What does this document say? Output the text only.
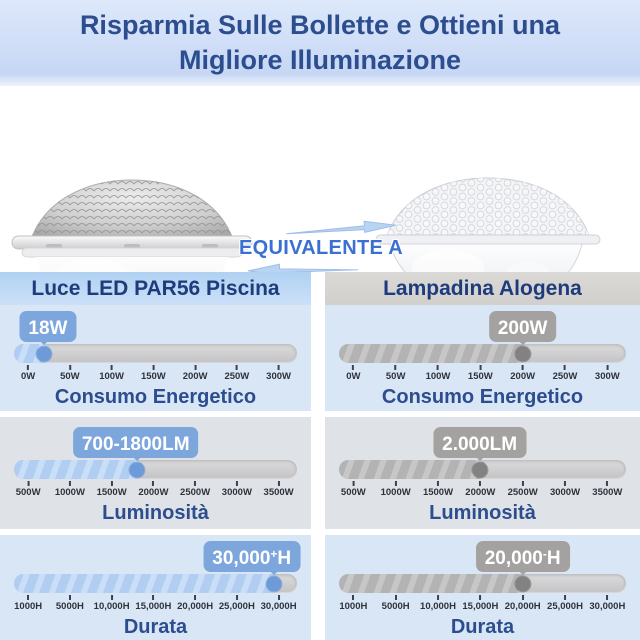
Risparmia Sulle Bollette e Ottieni una Migliore Illuminazione
EQUIVALENTE A
Luce LED PAR56 Piscina
18W
0W	50W 100W 150W 200W 250W 300W
Consumo Energetico
700-1800LM
500W 1000W 1500W 2000W 2500W 3000W 3500W
Luminosità
30,000+H
1000H 5000H 10,000H 15,000H 20,000H 25,000H 30,000H
Durata
Lampadina Alogena
200W
0W	50W 100W 150W 200W 250W 300W
Consumo Energetico
2.000LM
500W 1000W 1500W 2000W 2500W 3000W 3500W
Luminosità
20,000-H
1000H 5000H 10,000H 15,000H 20,000H 25,000H 30,000H
Durata
